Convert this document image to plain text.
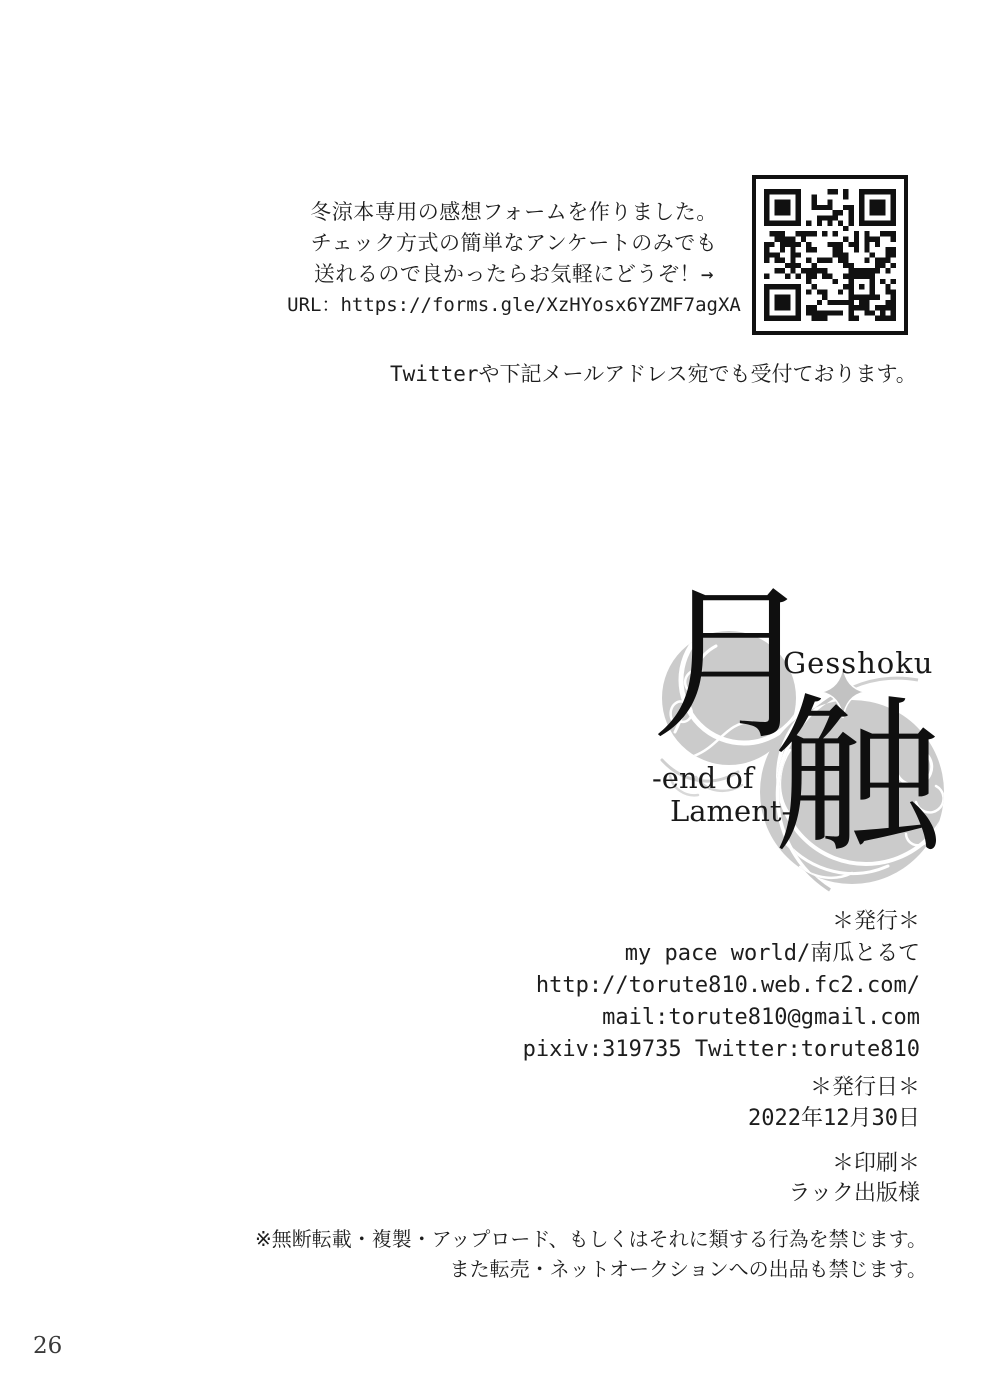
冬涼本専用の感想フォームを作りました。
チェック方式の簡単なアンケートのみでも
送れるので良かったらお気軽にどうぞ！→
URL：https://forms.gle/XzHYosx6YZMF7agXA
Twitterや下記メールアドレス宛でも受付ております。
月
触
Gesshoku
-end of
Lament-
＊発行＊
my pace world/南瓜とるて
http://torute810.web.fc2.com/
mail:torute810@gmail.com
pixiv:319735 Twitter:torute810
＊発行日＊
2022年12月30日
＊印刷＊
ラック出版様
※無断転載・複製・アップロード、もしくはそれに類する行為を禁じます。
また転売・ネットオークションへの出品も禁じます。
26
